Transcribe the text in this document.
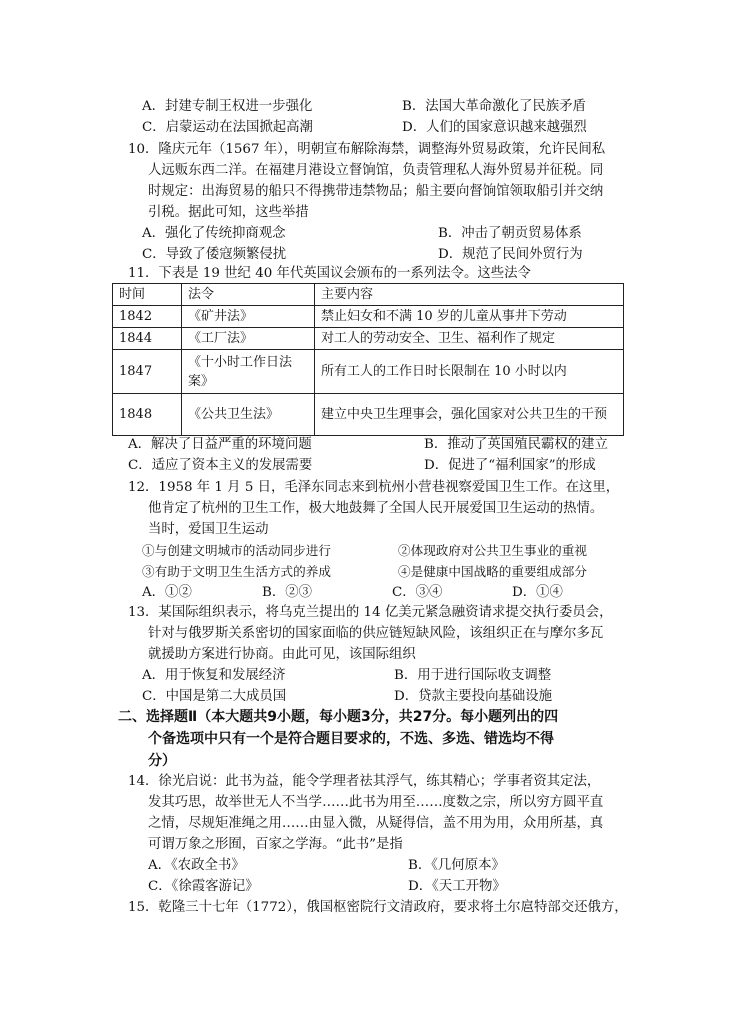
A．封建专制王权进一步强化	B．法国大革命激化了民族矛盾
C．启蒙运动在法国掀起高潮	D．人们的国家意识越来越强烈
10．隆庆元年（1567 年），明朝宣布解除海禁，调整海外贸易政策，允许民间私
人远贩东西二洋。在福建月港设立督饷馆，负责管理私人海外贸易并征税。同
时规定：出海贸易的船只不得携带违禁物品；船主要向督饷馆领取船引并交纳
引税。据此可知，这些举措
A．强化了传统抑商观念	B．冲击了朝贡贸易体系
C．导致了倭寇频繁侵扰	D．规范了民间外贸行为
11．下表是 19 世纪 40 年代英国议会颁布的一系列法令。这些法令
时间	法令	主要内容
1842	《矿井法》	禁止妇女和不满 10 岁的儿童从事井下劳动
1844	《工厂法》	对工人的劳动安全、卫生、福利作了规定
1847	《十小时工作日法案》	所有工人的工作日时长限制在 10 小时以内
1848	《公共卫生法》	建立中央卫生理事会，强化国家对公共卫生的干预
A．解决了日益严重的环境问题	B．推动了英国殖民霸权的建立
C．适应了资本主义的发展需要	D．促进了“福利国家”的形成
12．1958 年 1 月 5 日，毛泽东同志来到杭州小营巷视察爱国卫生工作。在这里，
他肯定了杭州的卫生工作，极大地鼓舞了全国人民开展爱国卫生运动的热情。
当时，爱国卫生运动
①与创建文明城市的活动同步进行	②体现政府对公共卫生事业的重视
③有助于文明卫生生活方式的养成	④是健康中国战略的重要组成部分
A．①②	B．②③	C．③④	D．①④
13．某国际组织表示，将乌克兰提出的 14 亿美元紧急融资请求提交执行委员会，
针对与俄罗斯关系密切的国家面临的供应链短缺风险，该组织正在与摩尔多瓦
就援助方案进行协商。由此可见，该国际组织
A．用于恢复和发展经济	B．用于进行国际收支调整
C．中国是第二大成员国	D．贷款主要投向基础设施
二、选择题Ⅱ（本大题共9小题，每小题3分，共27分。每小题列出的四
个备选项中只有一个是符合题目要求的，不选、多选、错选均不得
分）
14．徐光启说：此书为益，能令学理者祛其浮气，练其精心；学事者资其定法，
发其巧思，故举世无人不当学……此书为用至……度数之宗，所以穷方圆平直
之情，尽规矩准绳之用……由显入微，从疑得信，盖不用为用，众用所基，真
可谓万象之形囿，百家之学海。“此书”是指
A．《农政全书》	B．《几何原本》
C．《徐霞客游记》	D．《天工开物》
15．乾隆三十七年（1772），俄国枢密院行文清政府，要求将土尔扈特部交还俄方，
